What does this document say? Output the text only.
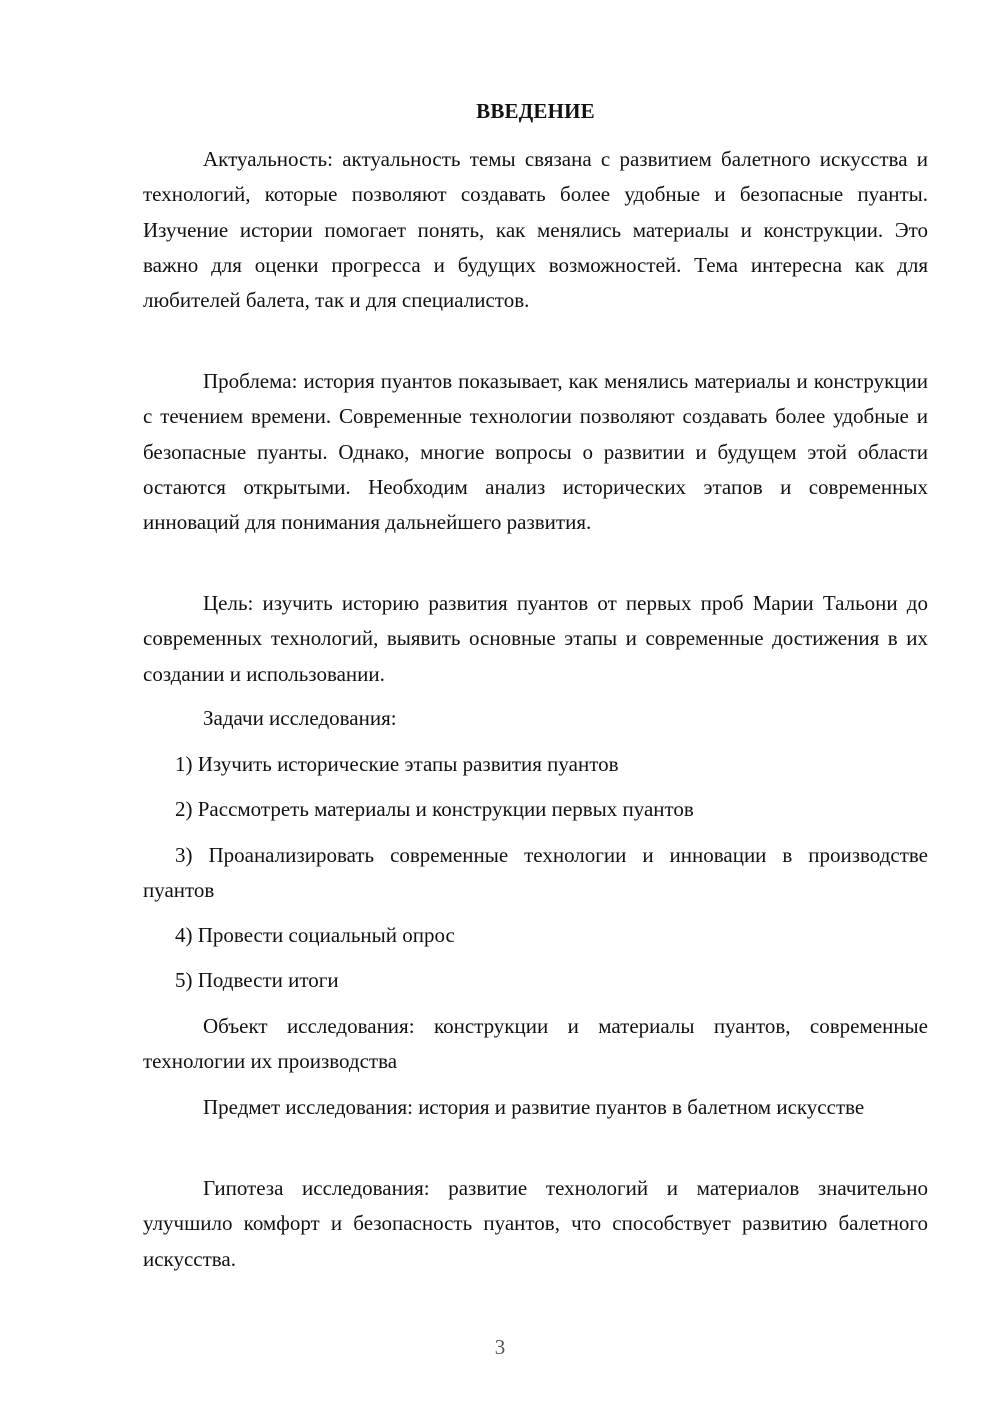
ВВЕДЕНИЕ

Актуальность: актуальность темы связана с развитием балетного искусства и технологий, которые позволяют создавать более удобные и безопасные пуанты. Изучение истории помогает понять, как менялись материалы и конструкции. Это важно для оценки прогресса и будущих возможностей. Тема интересна как для любителей балета, так и для специалистов.

Проблема: история пуантов показывает, как менялись материалы и конструкции с течением времени. Современные технологии позволяют создавать более удобные и безопасные пуанты. Однако, многие вопросы о развитии и будущем этой области остаются открытыми. Необходим анализ исторических этапов и современных инноваций для понимания дальнейшего развития.

Цель: изучить историю развития пуантов от первых проб Марии Тальони до современных технологий, выявить основные этапы и современные достижения в их создании и использовании.

Задачи исследования:

1) Изучить исторические этапы развития пуантов

2) Рассмотреть материалы и конструкции первых пуантов

3) Проанализировать современные технологии и инновации в производстве пуантов

4) Провести социальный опрос

5) Подвести итоги

Объект исследования: конструкции и материалы пуантов, современные технологии их производства

Предмет исследования: история и развитие пуантов в балетном искусстве

Гипотеза исследования: развитие технологий и материалов значительно улучшило комфорт и безопасность пуантов, что способствует развитию балетного искусства.

3
